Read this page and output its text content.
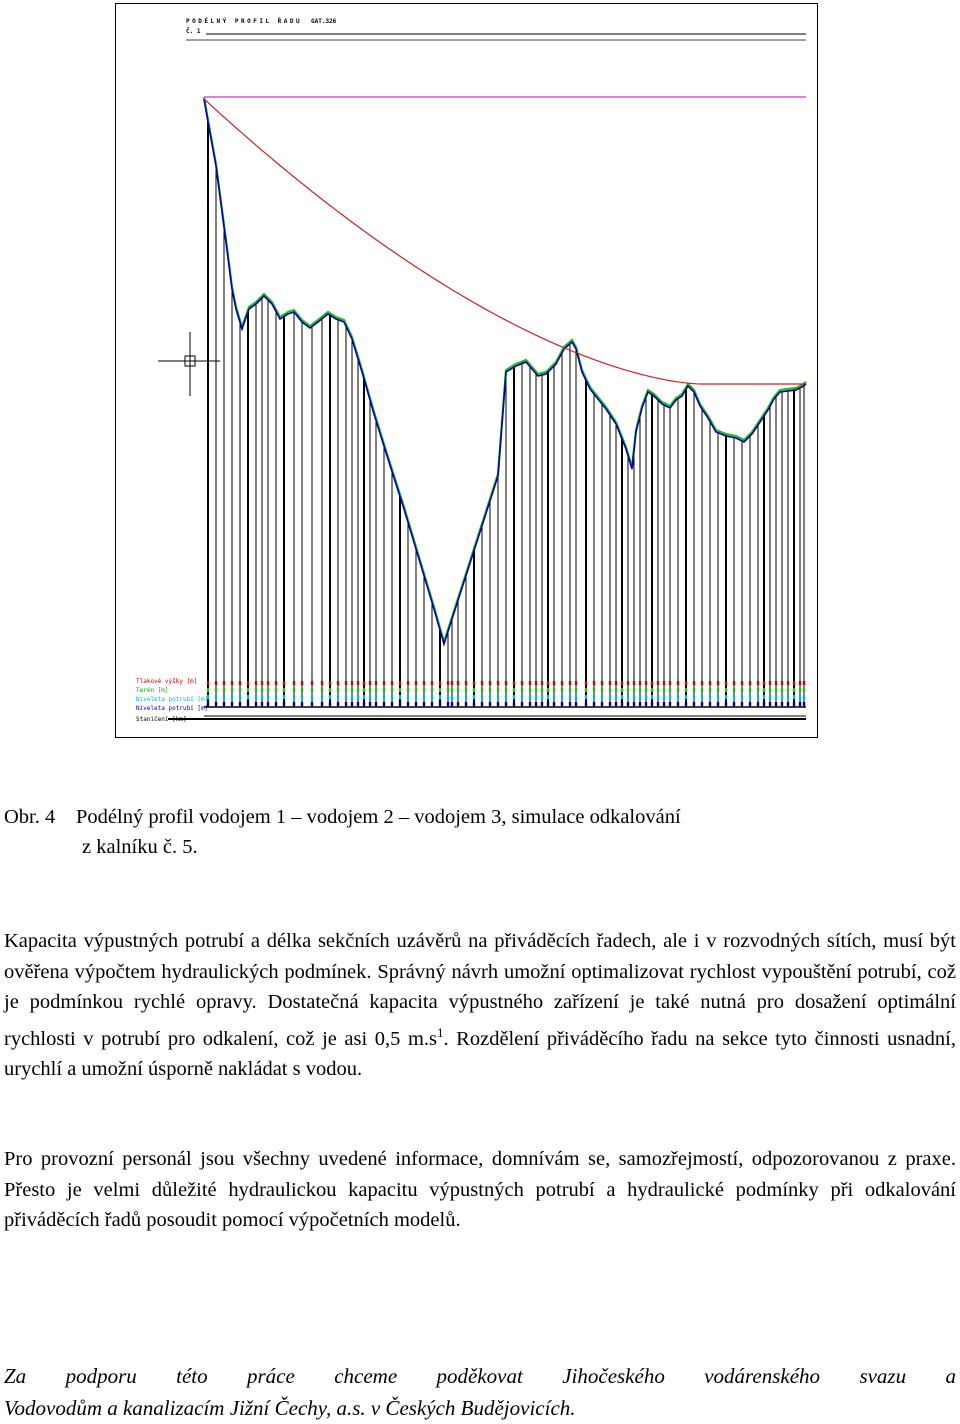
PODÉLNÝ PROFIL ŘADU GAT.326
Č. 1
Tlakové výšky [m]
Terén [m]
Niveleta potrubí [m]
Niveleta potrubí [m]
Staničení [km]
Obr. 4 Podélný profil vodojem 1 – vodojem 2 – vodojem 3, simulace odkalování
z kalníku č. 5.
Kapacita výpustných potrubí a délka sekčních uzávěrů na přiváděcích řadech, ale i v rozvodných sítích, musí být ověřena výpočtem hydraulických podmínek. Správný návrh umožní optimalizovat rychlost vypouštění potrubí, což je podmínkou rychlé opravy. Dostatečná kapacita výpustného zařízení je také nutná pro dosažení optimální rychlosti v potrubí pro odkalení, což je asi 0,5 $m.s^1$. Rozdělení přiváděcího řadu na sekce tyto činnosti usnadní, urychlí a umožní úsporně nakládat s vodou.
Pro provozní personál jsou všechny uvedené informace, domnívám se, samozřejmostí, odpozorovanou z praxe. Přesto je velmi důležité hydraulickou kapacitu výpustných potrubí a hydraulické podmínky při odkalování přiváděcích řadů posoudit pomocí výpočetních modelů.
Za podporu této práce chceme poděkovat Jihočeského vodárenského svazu a
Vodovodům a kanalizacím Jižní Čechy, a.s. v Českých Budějovicích.
